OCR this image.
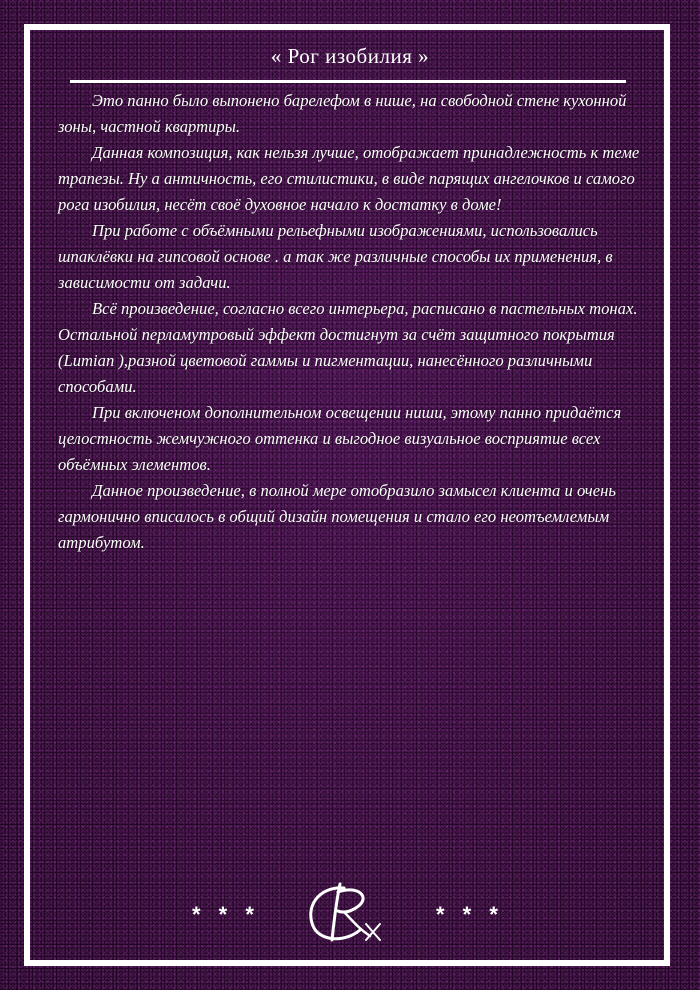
« Рог изобилия »

Это панно было выпонено барелефом в нише, на свободной стене кухонной зоны, частной квартиры.

Данная композиция, как нельзя лучше, отображает принадлежность к теме трапезы. Ну а античность, его стилистики, в виде парящих ангелочков и самого рога изобилия, несёт своё духовное начало к достатку в доме!

При работе с объёмными рельефными изображениями, использовались шпаклёвки на гипсовой основе . а так же различные способы их применения, в зависимости от задачи.

Всё произведение, согласно всего интерьера, расписано в пастельных тонах. Остальной перламутровый эффект достигнут за счёт защитного покрытия (Lumian ),разной цветовой гаммы и пигментации, нанесённого различными способами.

При включеном дополнительном освещении ниши, этому панно придаётся целостность жемчужного оттенка и выгодное визуальное восприятие всех объёмных элементов.

Данное произведение, в полной мере отобразило замысел клиента и очень гармонично вписалось в общий дизайн помещения и стало его неотъемлемым атрибутом.

* * *	* * *
